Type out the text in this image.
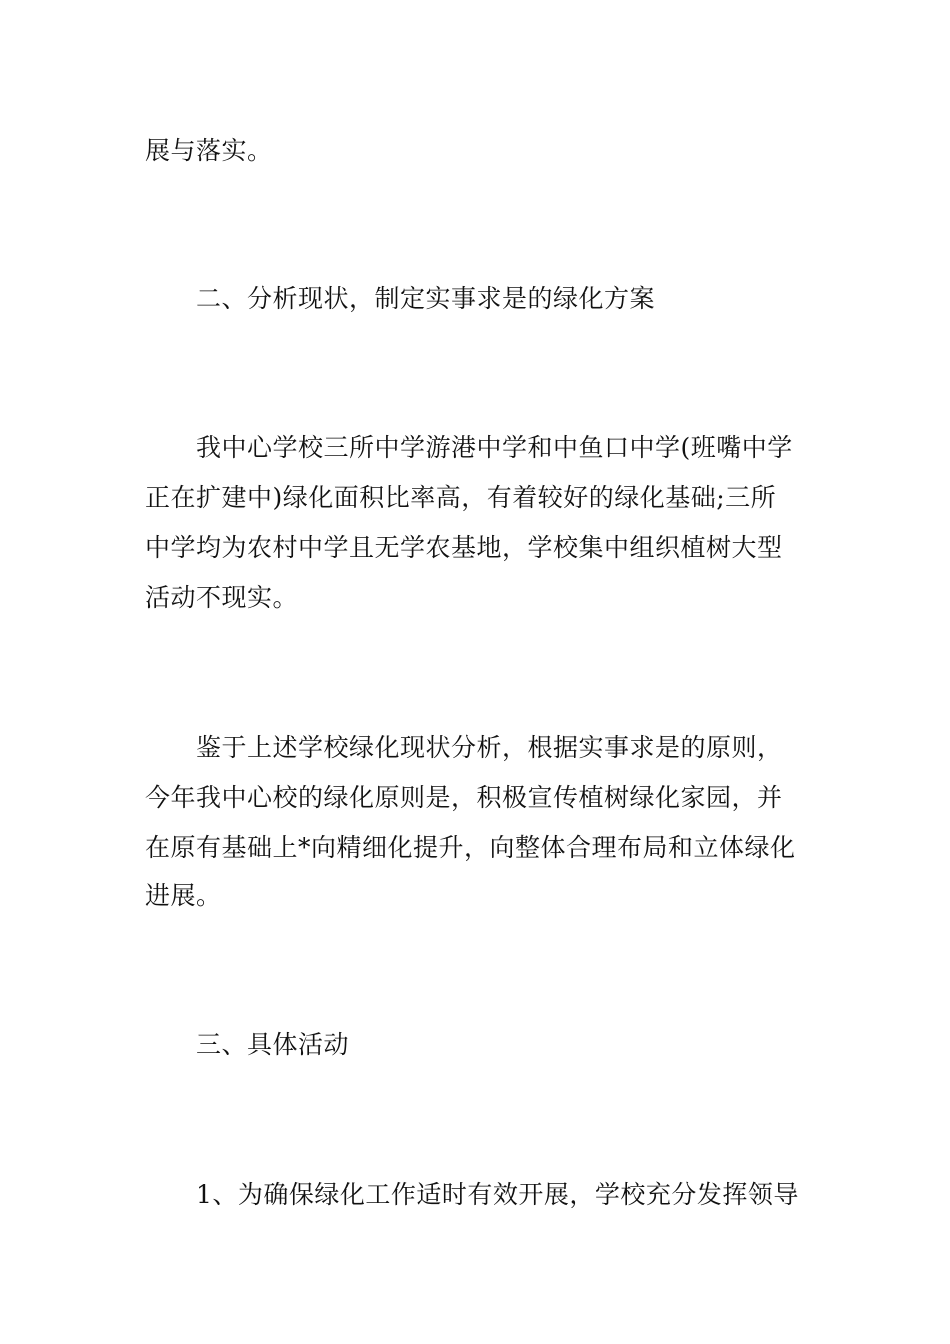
展与落实。
二、分析现状，制定实事求是的绿化方案
我中心学校三所中学游港中学和中鱼口中学(班嘴中学
正在扩建中)绿化面积比率高，有着较好的绿化基础;三所
中学均为农村中学且无学农基地，学校集中组织植树大型
活动不现实。
鉴于上述学校绿化现状分析，根据实事求是的原则，
今年我中心校的绿化原则是，积极宣传植树绿化家园，并
在原有基础上*向精细化提升，向整体合理布局和立体绿化
进展。
三、具体活动
1、为确保绿化工作适时有效开展，学校充分发挥领导
